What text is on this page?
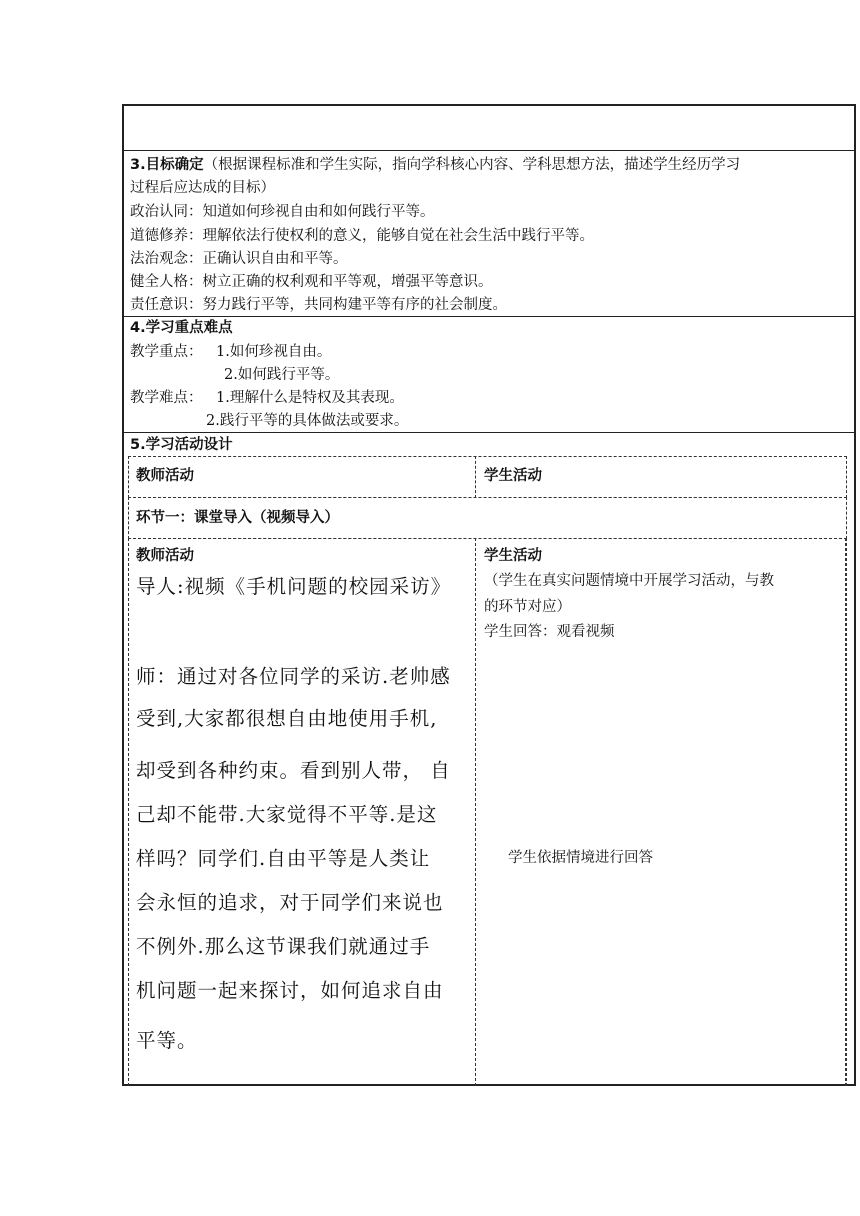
3.目标确定（根据课程标准和学生实际，指向学科核心内容、学科思想方法，描述学生经历学习
过程后应达成的目标）
政治认同：知道如何珍视自由和如何践行平等。
道德修养：理解依法行使权利的意义，能够自觉在社会生活中践行平等。
法治观念：正确认识自由和平等。
健全人格：树立正确的权利观和平等观，增强平等意识。
责任意识：努力践行平等，共同构建平等有序的社会制度。
4.学习重点难点
教学重点： 1.如何珍视自由。
2.如何践行平等。
教学难点： 1.理解什么是特权及其表现。
2.践行平等的具体做法或要求。
5.学习活动设计
教师活动	学生活动
环节一：课堂导入（视频导入）
教师活动
导人:视频《手机问题的校园采访》
师：通过对各位同学的采访.老帅感
受到,大家都很想自由地使用手机,
却受到各种约束。看到别人带， 自
己却不能带.大家觉得不平等.是这
样吗？同学们.自由平等是人类让
会永恒的追求，对于同学们来说也
不例外.那么这节课我们就通过手
机问题一起来探讨，如何追求自由
平等。
学生活动
（学生在真实问题情境中开展学习活动，与教
的环节对应）
学生回答：观看视频
学生依据情境进行回答
